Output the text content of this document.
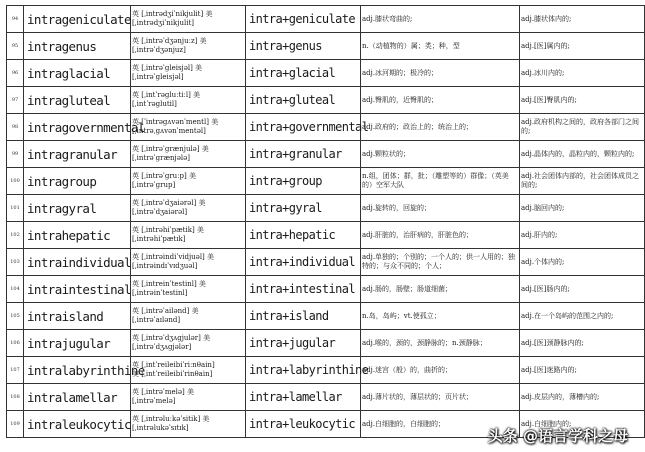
94	intrageniculate	英 [ˌintrədʒiˈnikjulit] 美
[ˌintrədʒiˈnikjulit]	intra+geniculate	adj.膝状弯曲的;	adj.膝状体内的;
95	intragenus	英 [ˌintrəˈdʒənjuːz] 美
[ˌintrəˈdʒənjuz]	intra+genus	n.（动植物的）属；类；种，型	adj.[医]属内的;
96	intraglacial	英 [ˌintrəˈgleisjəl] 美
[ˌintrəˈgleisjəl]	intra+glacial	adj.冰河期的；极冷的；	adj.冰川内的;
97	intragluteal	英 [ˌintˈrəgluːtiːl] 美
[ˌintˈrəglutil]	intra+gluteal	adj.臀肌的，近臀肌的；	adj.[医]臀肌内的;
98	intragovernmental	英 [ˈintrəgʌvənˈmentl] 美
[ˌintrəˌgʌvənˈmentəl]	intra+governmental	adj.政府的；政治上的；统治上的；	adj.政府机构之间的，政府各部门之间的;
99	intragranular	英 [ˌintrəˈgrænjulə] 美
[ˌintrəˈgrænjələ]	intra+granular	adj.颗粒状的；	adj.晶体内的，晶粒内的，颗粒内的;
100	intragroup	英 [ˌintrəˈgruːp] 美
[ˌintrəˈgrup]	intra+group	n.组，团体；群，批；（雕塑等的）群像；（英美的）空军大队	adj.社会团体内部的，社会团体成员之间的;
101	intragyral	英 [ˌintrəˈdʒaiərəl] 美
[ˌintrəˈdʒaiərəl]	intra+gyral	adj.旋转的，回旋的；	adj.脑回内的;
102	intrahepatic	英 [ˌintrəhiˈpætik] 美
[ˌintrəhiˈpætɪk]	intra+hepatic	adj.肝脏的，治肝病的，肝脏色的；	adj.肝内的;
103	intraindividual	英 [ˌintrəindiˈvidjuəl] 美
[ˌintrəindɪˈvɪdʒuəl]	intra+individual	adj.单独的；个别的；一个人的；供一人用的；独特的；与众不同的；个人；	adj.个体内的;
104	intraintestinal	英 [ˌintreinˈtestinl] 美
[ˌintrəinˈtestinl]	intra+intestinal	adj.肠的，肠壁；肠道细菌；	adj.[医]肠内的;
105	intraisland	英 [ˌintrəˈailənd] 美
[ˌintrəˈaɪlənd]	intra+island	n.岛，岛屿；vt.使孤立；	adj.在一个岛屿的范围之内的;
106	intrajugular	英 [ˌintrəˈdʒʌgjulər] 美
[ˌintrəˈdʒʌgjələr]	intra+jugular	adj.喉的，颈的，颈静脉的；n.颈静脉；	adj.[医]颈静脉内的;
107	intralabyrinthine	英 [ˌintˈreileibiˈriːnθain]
美 [ˌintˈreileibiˈrinθain]	intra+labyrinthine	adj.迷宫（般）的，曲折的；	adj.[医]迷路内的;
108	intralamellar	英 [ˌintrəˈmelə] 美
[ˌintrəˈmelə]	intra+lamellar	adj.薄片状的，薄层状的；页片状；	adj.皮层内的，薄槽内的;
109	intraleukocytic	英 [ˌintrəluːkəˈsitik] 美
[ˌintrəlukəˈsɪtɪk]	intra+leukocytic	adj.白细胞的，白细胞的；	adj.白细胞内的;
头条 @语言学科之母
